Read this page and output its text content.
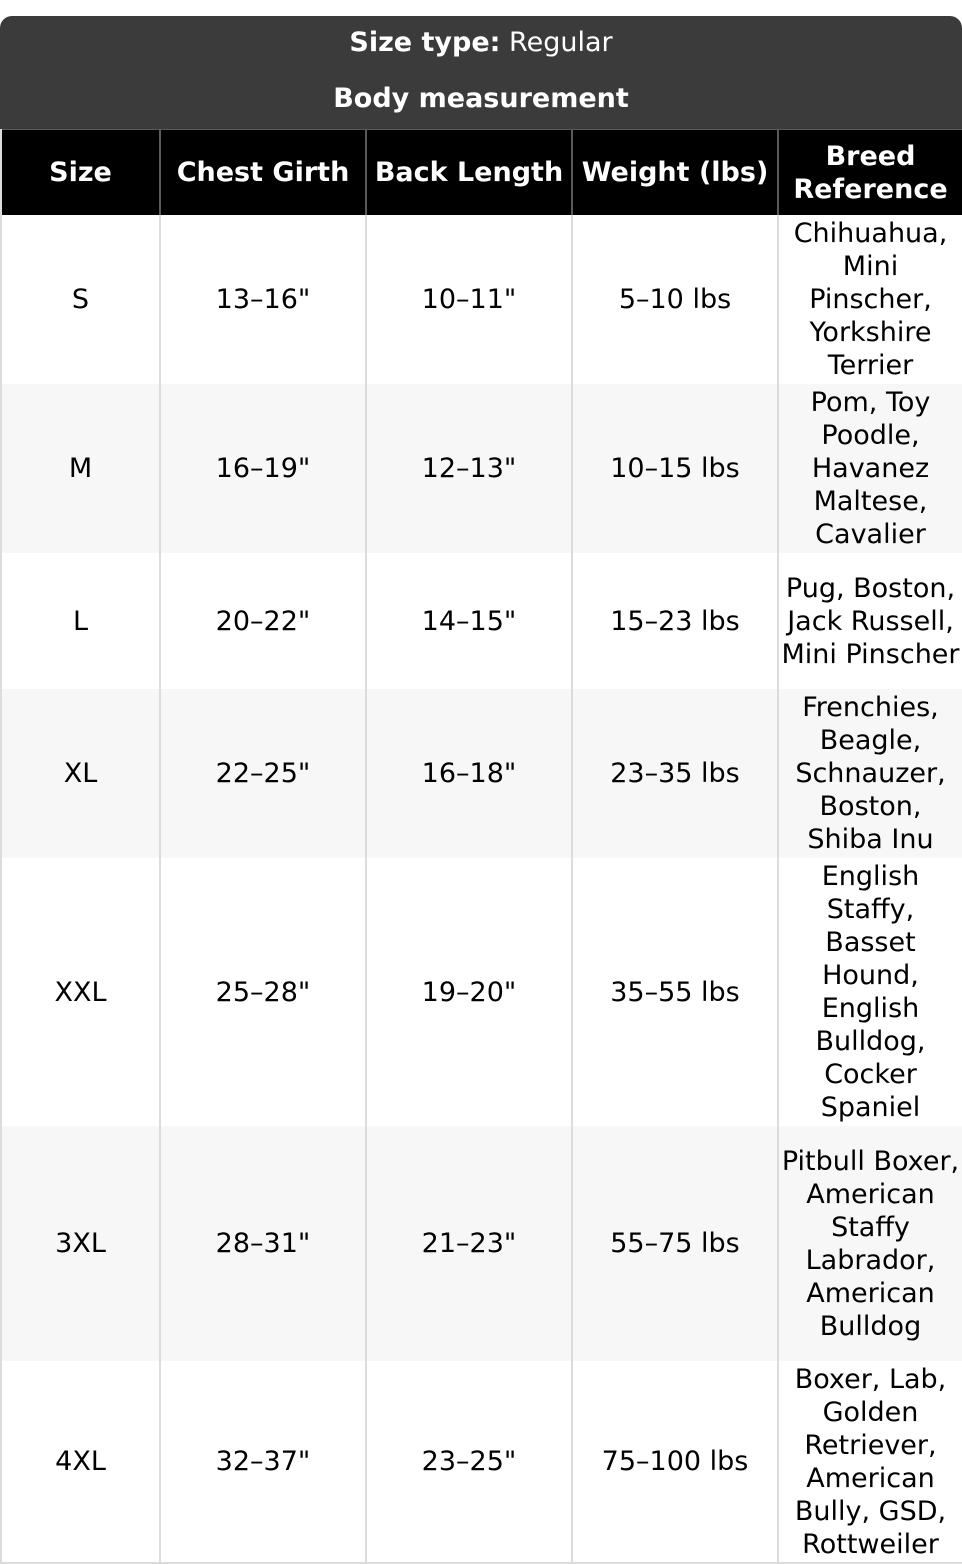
Size type: Regular
Body measurement
Size	Chest Girth	Back Length	Weight (lbs)	Breed Reference
S	13–16"	10–11"	5–10 lbs	Chihuahua, Mini Pinscher, Yorkshire Terrier
M	16–19"	12–13"	10–15 lbs	Pom, Toy Poodle, Havanez Maltese, Cavalier
L	20–22"	14–15"	15–23 lbs	Pug, Boston, Jack Russell, Mini Pinscher
XL	22–25"	16–18"	23–35 lbs	Frenchies, Beagle, Schnauzer, Boston, Shiba Inu
XXL	25–28"	19–20"	35–55 lbs	English Staffy, Basset Hound, English Bulldog, Cocker Spaniel
3XL	28–31"	21–23"	55–75 lbs	Pitbull Boxer, American Staffy Labrador, American Bulldog
4XL	32–37"	23–25"	75–100 lbs	Boxer, Lab, Golden Retriever, American Bully, GSD, Rottweiler
